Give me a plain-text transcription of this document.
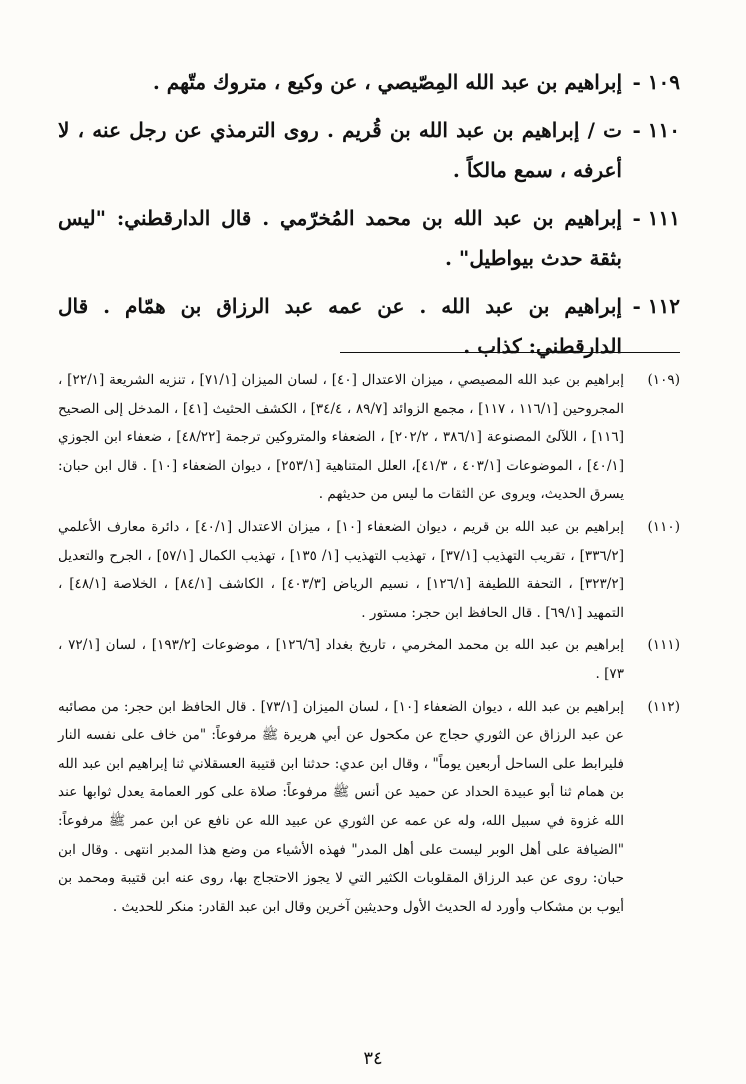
١٠٩ -
إبراهيم بن عبد الله المِصّيصي ، عن وكيع ، متروك متّهم .
١١٠ -
ت / إبراهيم بن عبد الله بن قُريم . روى الترمذي عن رجل عنه ، لا أعرفه ، سمع مالكاً .
١١١ -
إبراهيم بن عبد الله بن محمد المُخرّمي . قال الدارقطني: "ليس بثقة حدث بيواطيل" .
١١٢ -
إبراهيم بن عبد الله . عن عمه عبد الرزاق بن همّام . قال الدارقطني: كذاب .
(١٠٩)
إبراهيم بن عبد الله المصيصي ، ميزان الاعتدال [٤٠] ، لسان الميزان [٧١/١] ، تنزيه الشريعة [٢٢/١] ، المجروحين [١١٦/١ ، ١١٧] ، مجمع الزوائد [٨٩/٧ ، ٣٤/٤] ، الكشف الحثيث [٤١] ، المدخل إلى الصحيح [١١٦] ، اللآلئ المصنوعة [٣٨٦/١ ، ٢٠٢/٢] ، الضعفاء والمتروكين ترجمة [٤٨/٢٢] ، ضعفاء ابن الجوزي [٤٠/١] ، الموضوعات [٤٠٣/١ ، ٤١/٣]، العلل المتناهية [٢٥٣/١] ، ديوان الضعفاء [١٠] . قال ابن حبان: يسرق الحديث، ويروى عن الثقات ما ليس من حديثهم .
(١١٠)
إبراهيم بن عبد الله بن قريم ، ديوان الضعفاء [١٠] ، ميزان الاعتدال [٤٠/١] ، دائرة معارف الأعلمي [٣٣٦/٢] ، تقريب التهذيب [٣٧/١] ، تهذيب التهذيب [١/ ١٣٥] ، تهذيب الكمال [٥٧/١] ، الجرح والتعديل [٣٢٣/٢] ، التحفة اللطيفة [١٢٦/١] ، نسيم الرياض [٤٠٣/٣] ، الكاشف [٨٤/١] ، الخلاصة [٤٨/١] ، التمهيد [٦٩/١] . قال الحافظ ابن حجر: مستور .
(١١١)
إبراهيم بن عبد الله بن محمد المخرمي ، تاريخ بغداد [١٢٦/٦] ، موضوعات [١٩٣/٢] ، لسان [٧٢/١ ، ٧٣] .
(١١٢)
إبراهيم بن عبد الله ، ديوان الضعفاء [١٠] ، لسان الميزان [٧٣/١] . قال الحافظ ابن حجر: من مصائبه عن عبد الرزاق عن الثوري حجاج عن مكحول عن أبي هريرة ﷺ مرفوعاً: "من خاف على نفسه النار فليرابط على الساحل أربعين يوماً" ، وقال ابن عدي: حدثنا ابن قتيبة العسقلاني ثنا إبراهيم ابن عبد الله بن همام ثنا أبو عبيدة الحداد عن حميد عن أنس ﷺ مرفوعاً: صلاة على كور العمامة يعدل ثوابها عند الله غزوة في سبيل الله، وله عن عمه عن الثوري عن عبيد الله عن نافع عن ابن عمر ﷺ مرفوعاً: "الضيافة على أهل الوبر ليست على أهل المدر" فهذه الأشياء من وضع هذا المدبر انتهى . وقال ابن حبان: روى عن عبد الرزاق المقلوبات الكثير التي لا يجوز الاحتجاج بها، روى عنه ابن قتيبة ومحمد بن أيوب بن مشكاب وأورد له الحديث الأول وحديثين آخرين وقال ابن عبد القادر: منكر للحديث .
٣٤
